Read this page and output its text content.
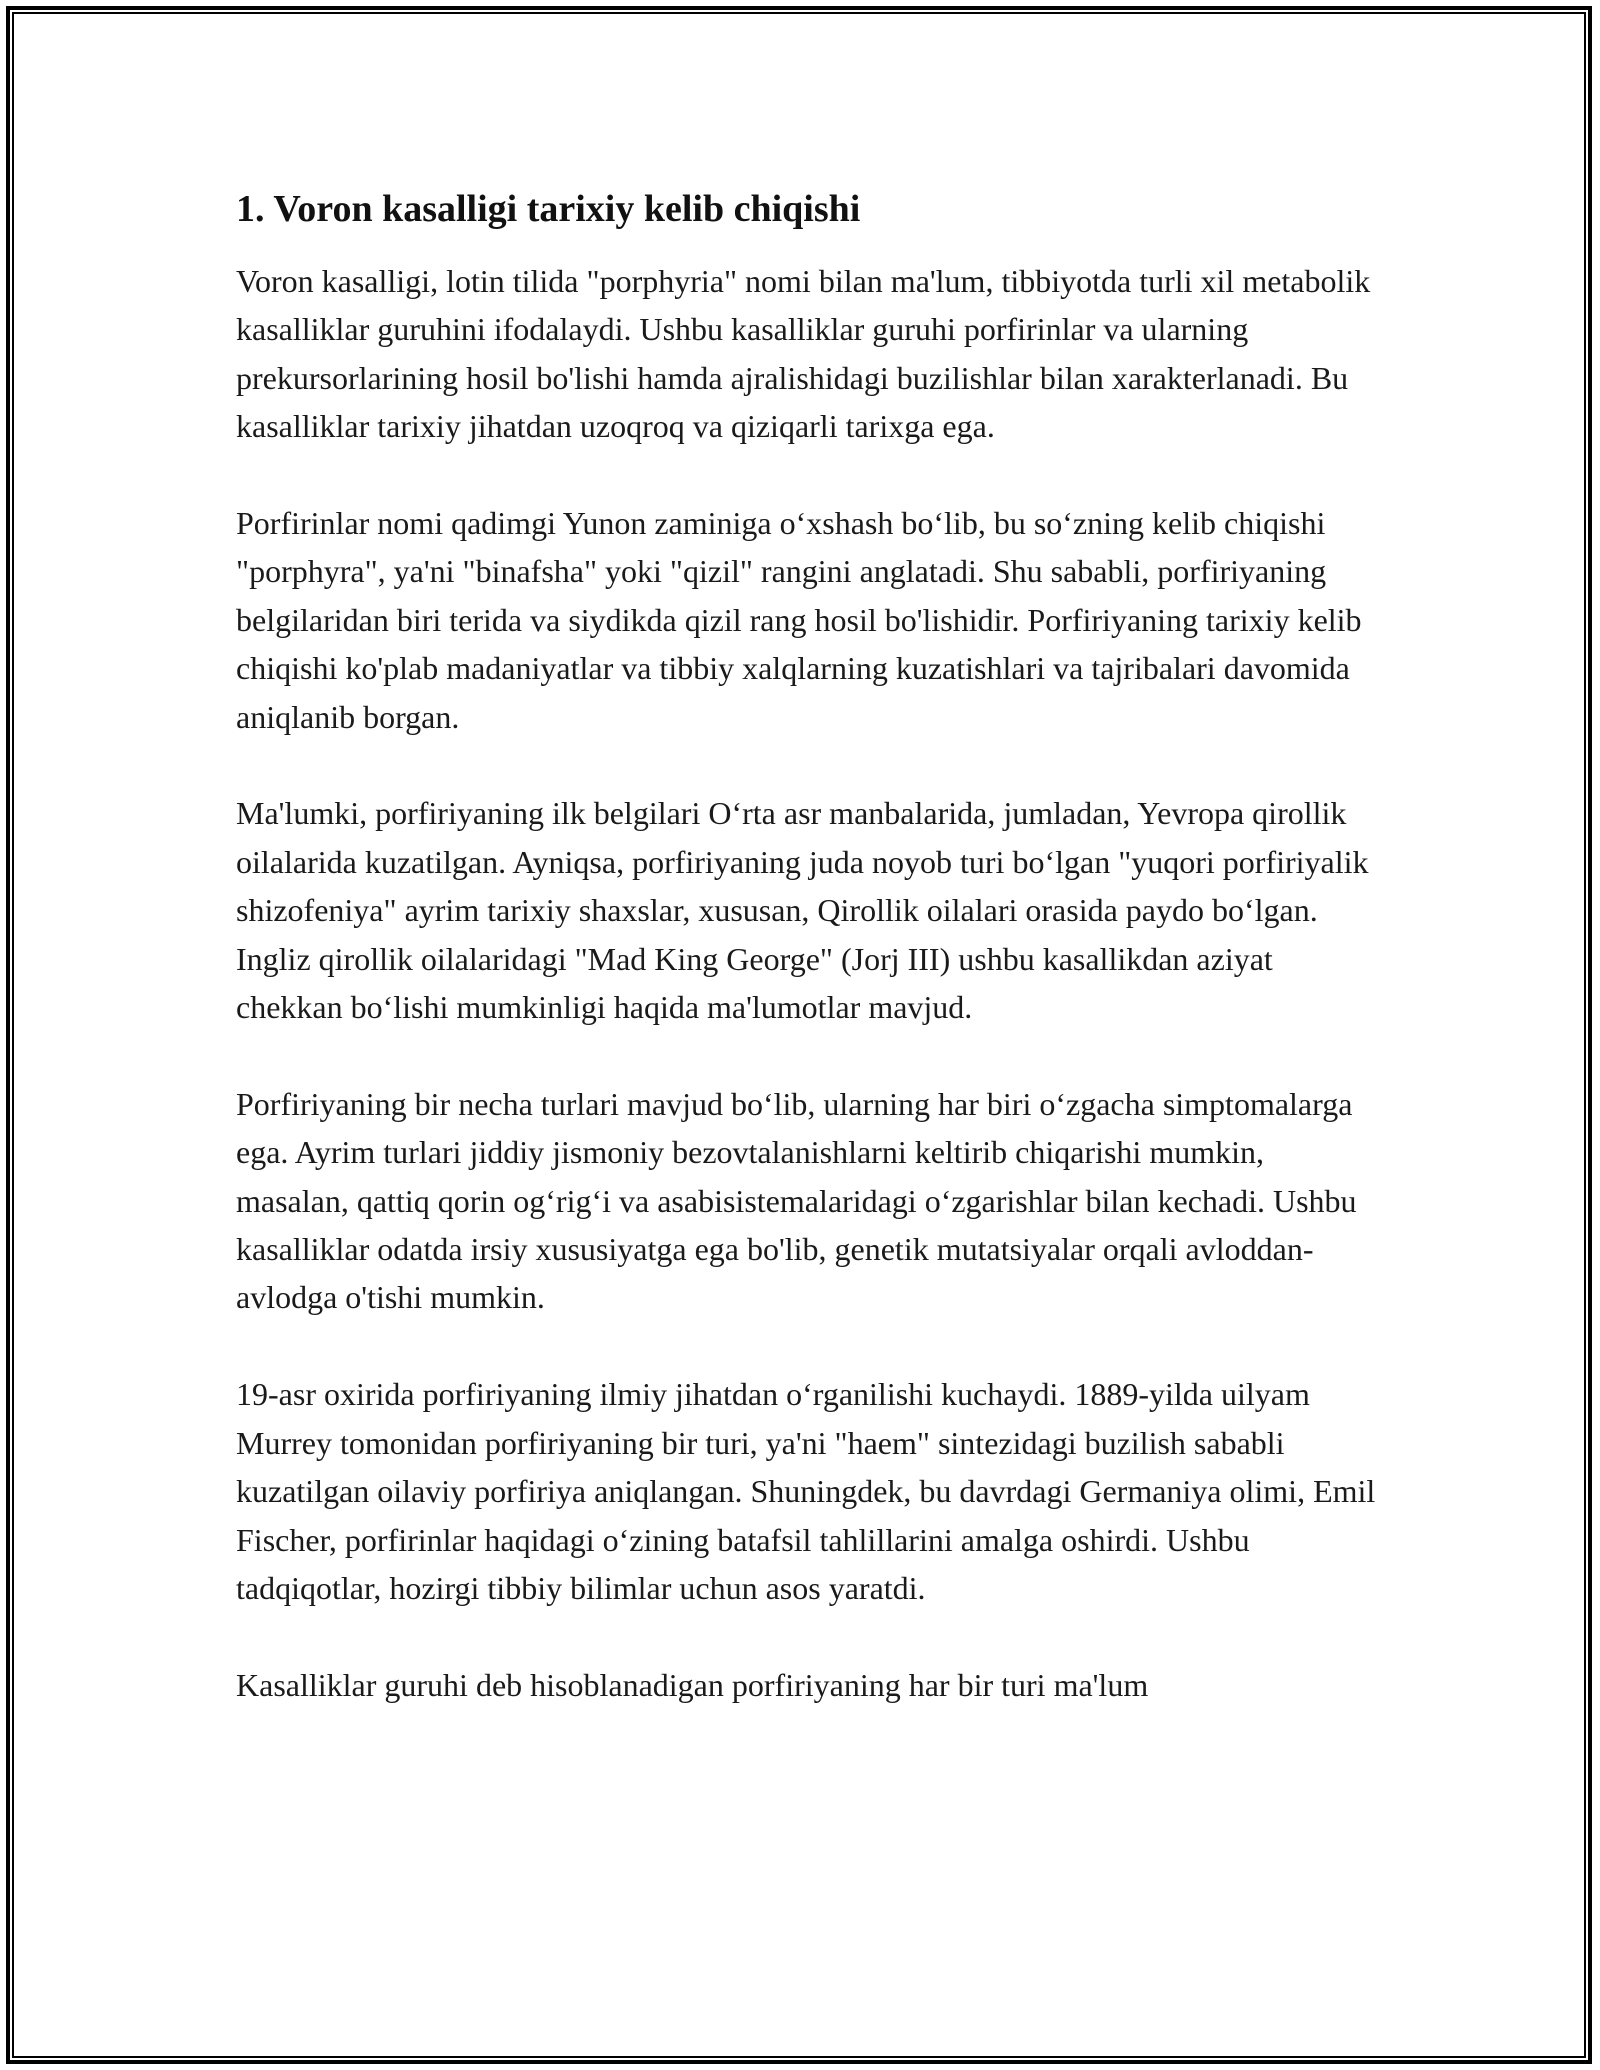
1. Voron kasalligi tarixiy kelib chiqishi

Voron kasalligi, lotin tilida "porphyria" nomi bilan ma'lum, tibbiyotda turli xil metabolik kasalliklar guruhini ifodalaydi. Ushbu kasalliklar guruhi porfirinlar va ularning prekursorlarining hosil bo'lishi hamda ajralishidagi buzilishlar bilan xarakterlanadi. Bu kasalliklar tarixiy jihatdan uzoqroq va qiziqarli tarixga ega.

Porfirinlar nomi qadimgi Yunon zaminiga oʻxshash boʻlib, bu soʻzning kelib chiqishi "porphyra", ya'ni "binafsha" yoki "qizil" rangini anglatadi. Shu sababli, porfiriyaning belgilaridan biri terida va siydikda qizil rang hosil bo'lishidir. Porfiriyaning tarixiy kelib chiqishi ko'plab madaniyatlar va tibbiy xalqlarning kuzatishlari va tajribalari davomida aniqlanib borgan.

Ma'lumki, porfiriyaning ilk belgilari Oʻrta asr manbalarida, jumladan, Yevropa qirollik oilalarida kuzatilgan. Ayniqsa, porfiriyaning juda noyob turi boʻlgan "yuqori porfiriyalik shizofeniya" ayrim tarixiy shaxslar, xususan, Qirollik oilalari orasida paydo boʻlgan. Ingliz qirollik oilalaridagi "Mad King George" (Jorj III) ushbu kasallikdan aziyat chekkan boʻlishi mumkinligi haqida ma'lumotlar mavjud.

Porfiriyaning bir necha turlari mavjud boʻlib, ularning har biri oʻzgacha simptomalarga ega. Ayrim turlari jiddiy jismoniy bezovtalanishlarni keltirib chiqarishi mumkin, masalan, qattiq qorin ogʻrigʻi va asabisistemalaridagi oʻzgarishlar bilan kechadi. Ushbu kasalliklar odatda irsiy xususiyatga ega bo'lib, genetik mutatsiyalar orqali avloddan-avlodga o'tishi mumkin.

19-asr oxirida porfiriyaning ilmiy jihatdan oʻrganilishi kuchaydi. 1889-yilda uilyam Murrey tomonidan porfiriyaning bir turi, ya'ni "haem" sintezidagi buzilish sababli kuzatilgan oilaviy porfiriya aniqlangan. Shuningdek, bu davrdagi Germaniya olimi, Emil Fischer, porfirinlar haqidagi oʻzining batafsil tahlillarini amalga oshirdi. Ushbu tadqiqotlar, hozirgi tibbiy bilimlar uchun asos yaratdi.

Kasalliklar guruhi deb hisoblanadigan porfiriyaning har bir turi ma'lum
